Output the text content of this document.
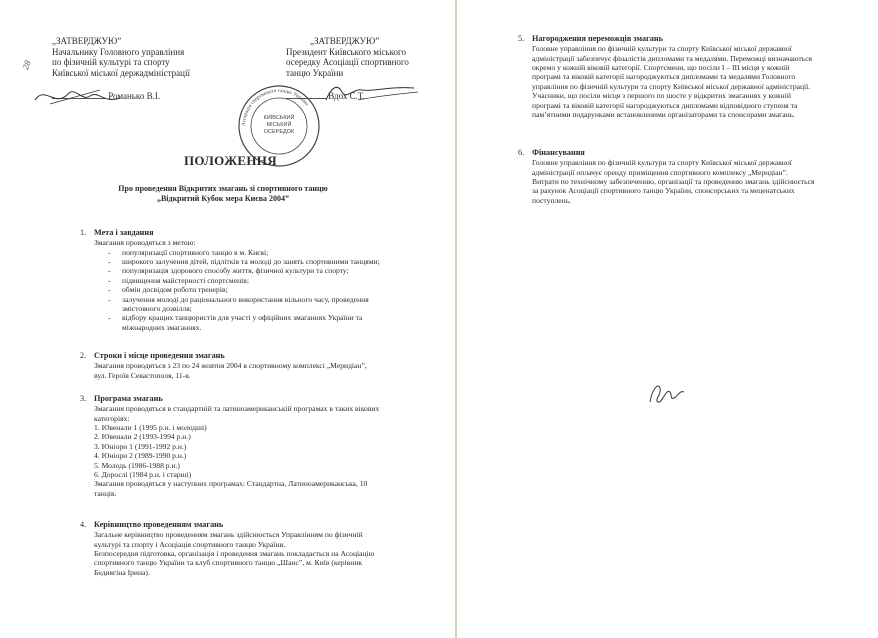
28
„ЗАТВЕРДЖУЮ”
Начальнику Головного управління
по фізичній культурі та спорту
Київської міської держадміністрації
Романько В.І.
„ЗАТВЕРДЖУЮ”
Президент Київського міського
осередку Асоціації спортивного
танцю України
Вдох С.Т.
Асоціація спортивного танцю України
КИЇВСЬКИЙ
МІСЬКИЙ
ОСЕРЕДОК
ПОЛОЖЕННЯ
Про проведення Відкритих змагань зі спортивного танцю
„Відкритий Кубок мера Києва 2004”
1. Мета і завдання
Змагання проводяться з метою:
- популяризації спортивного танцю в м. Києві;
- широкого залучення дітей, підлітків та молоді до занять спортивними танцями;
- популяризація здорового способу життя, фізичної культури та спорту;
- підвищення майстерності спортсменів;
- обмін досвідом роботи тренерів;
- залучення молоді до раціонального використання вільного часу, проведення
змістовного дозвілля;
- відбору кращих танцюристів для участі у офіційних змаганнях України та
міжнародних змаганнях.
2. Строки і місце проведення змагань
Змагання проводяться з 23 по 24 жовтня 2004 в спортивному комплексі „Меридіан”,
вул. Героїв Севастополя, 11-в.
3. Програма змагань
Змагання проводяться в стандартній та латиноамериканській програмах в таких вікових
категоріях:
1. Ювенали 1 (1995 р.н. і молодші)
2. Ювенали 2 (1993-1994 р.н.)
3. Юніори 1 (1991-1992 р.н.)
4. Юніори 2 (1989-1990 р.н.)
5. Молодь (1986-1988 р.н.)
6. Дорослі (1984 р.н. і старші)
Змагання проводяться у наступних програмах: Стандартна, Латиноамериканська, 10
танців.
4. Керівництво проведенням змагань
Загальне керівництво проведенням змагань здійснюється Управлінням по фізичній
культурі та спорту і Асоціація спортивного танцю України.
Безпосередня підготовка, організація і проведення змагань покладається на Асоціацію
спортивного танцю України та клуб спортивного танцю „Шанс”, м. Київ (керівник
Бедиягіна Ірина).
5. Нагородження переможців змагань
Головне управління по фізичній культури та спорту Київської міської державної
адміністрації забезпечує фіналістів дипломами та медалями. Переможці визначаються
окремо у кожній віковій категорії. Спортсмени, що посіли І – ІІІ місця у кожній
програмі та віковій категорії нагороджуються дипломами та медалями Головного
управління по фізичній культури та спорту Київської міської державної адміністрації.
Учасники, що посіли місця з першого по шосте у відкритих змаганнях у кожній
програмі та віковій категорії нагороджуються дипломами відповідного ступеня та
пам’ятними подарунками встановленими організаторами та спонсорами змагань.
6. Фінансування
Головне управління по фізичній культури та спорту Київської міської державної
адміністрації оплачує оренду приміщення спортивного комплексу „Меридіан”.
Витрати по технічному забезпеченню, організації та проведенню змагань здійснюється
за рахунок Асоціації спортивного танцю України, спонсорських та меценатських
поступлень.
